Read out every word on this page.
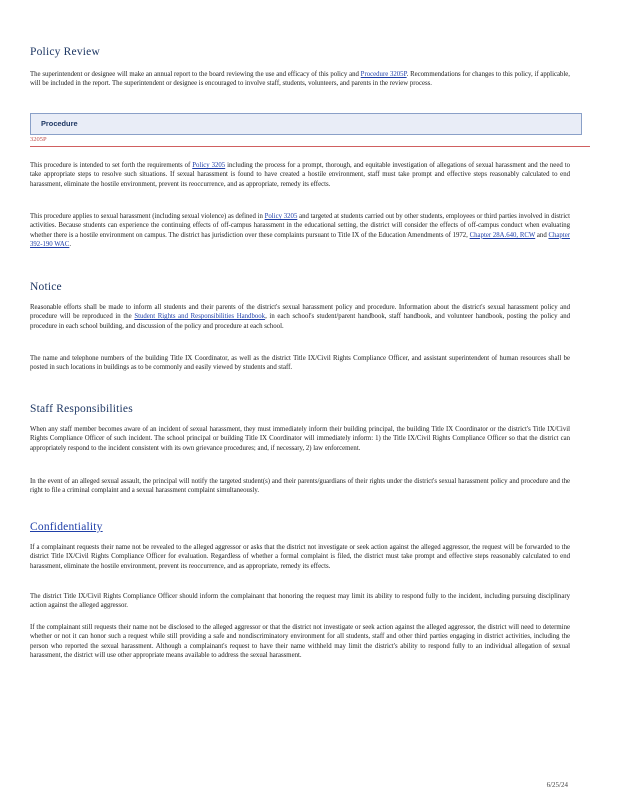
Policy Review

The superintendent or designee will make an annual report to the board reviewing the use and efficacy of this policy and Procedure 3205P. Recommendations for changes to this policy, if applicable, will be included in the report. The superintendent or designee is encouraged to involve staff, students, volunteers, and parents in the review process.

Procedure
3205P

This procedure is intended to set forth the requirements of Policy 3205 including the process for a prompt, thorough, and equitable investigation of allegations of sexual harassment and the need to take appropriate steps to resolve such situations. If sexual harassment is found to have created a hostile environment, staff must take prompt and effective steps reasonably calculated to end harassment, eliminate the hostile environment, prevent its reoccurrence, and as appropriate, remedy its effects.

This procedure applies to sexual harassment (including sexual violence) as defined in Policy 3205 and targeted at students carried out by other students, employees or third parties involved in district activities. Because students can experience the continuing effects of off-campus harassment in the educational setting, the district will consider the effects of off-campus conduct when evaluating whether there is a hostile environment on campus. The district has jurisdiction over these complaints pursuant to Title IX of the Education Amendments of 1972, Chapter 28A.640, RCW and Chapter 392-190 WAC.

Notice

Reasonable efforts shall be made to inform all students and their parents of the district's sexual harassment policy and procedure. Information about the district's sexual harassment policy and procedure will be reproduced in the Student Rights and Responsibilities Handbook, in each school's student/parent handbook, staff handbook, and volunteer handbook, posting the policy and procedure in each school building, and discussion of the policy and procedure at each school.

The name and telephone numbers of the building Title IX Coordinator, as well as the district Title IX/Civil Rights Compliance Officer, and assistant superintendent of human resources shall be posted in such locations in buildings as to be commonly and easily viewed by students and staff.

Staff Responsibilities

When any staff member becomes aware of an incident of sexual harassment, they must immediately inform their building principal, the building Title IX Coordinator or the district's Title IX/Civil Rights Compliance Officer of such incident. The school principal or building Title IX Coordinator will immediately inform: 1) the Title IX/Civil Rights Compliance Officer so that the district can appropriately respond to the incident consistent with its own grievance procedures; and, if necessary, 2) law enforcement.

In the event of an alleged sexual assault, the principal will notify the targeted student(s) and their parents/guardians of their rights under the district's sexual harassment policy and procedure and the right to file a criminal complaint and a sexual harassment complaint simultaneously.

Confidentiality

If a complainant requests their name not be revealed to the alleged aggressor or asks that the district not investigate or seek action against the alleged aggressor, the request will be forwarded to the district Title IX/Civil Rights Compliance Officer for evaluation. Regardless of whether a formal complaint is filed, the district must take prompt and effective steps reasonably calculated to end harassment, eliminate the hostile environment, prevent its reoccurrence, and as appropriate, remedy its effects.

The district Title IX/Civil Rights Compliance Officer should inform the complainant that honoring the request may limit its ability to respond fully to the incident, including pursuing disciplinary action against the alleged aggressor.

If the complainant still requests their name not be disclosed to the alleged aggressor or that the district not investigate or seek action against the alleged aggressor, the district will need to determine whether or not it can honor such a request while still providing a safe and nondiscriminatory environment for all students, staff and other third parties engaging in district activities, including the person who reported the sexual harassment. Although a complainant's request to have their name withheld may limit the district's ability to respond fully to an individual allegation of sexual harassment, the district will use other appropriate means available to address the sexual harassment.

6/25/24
